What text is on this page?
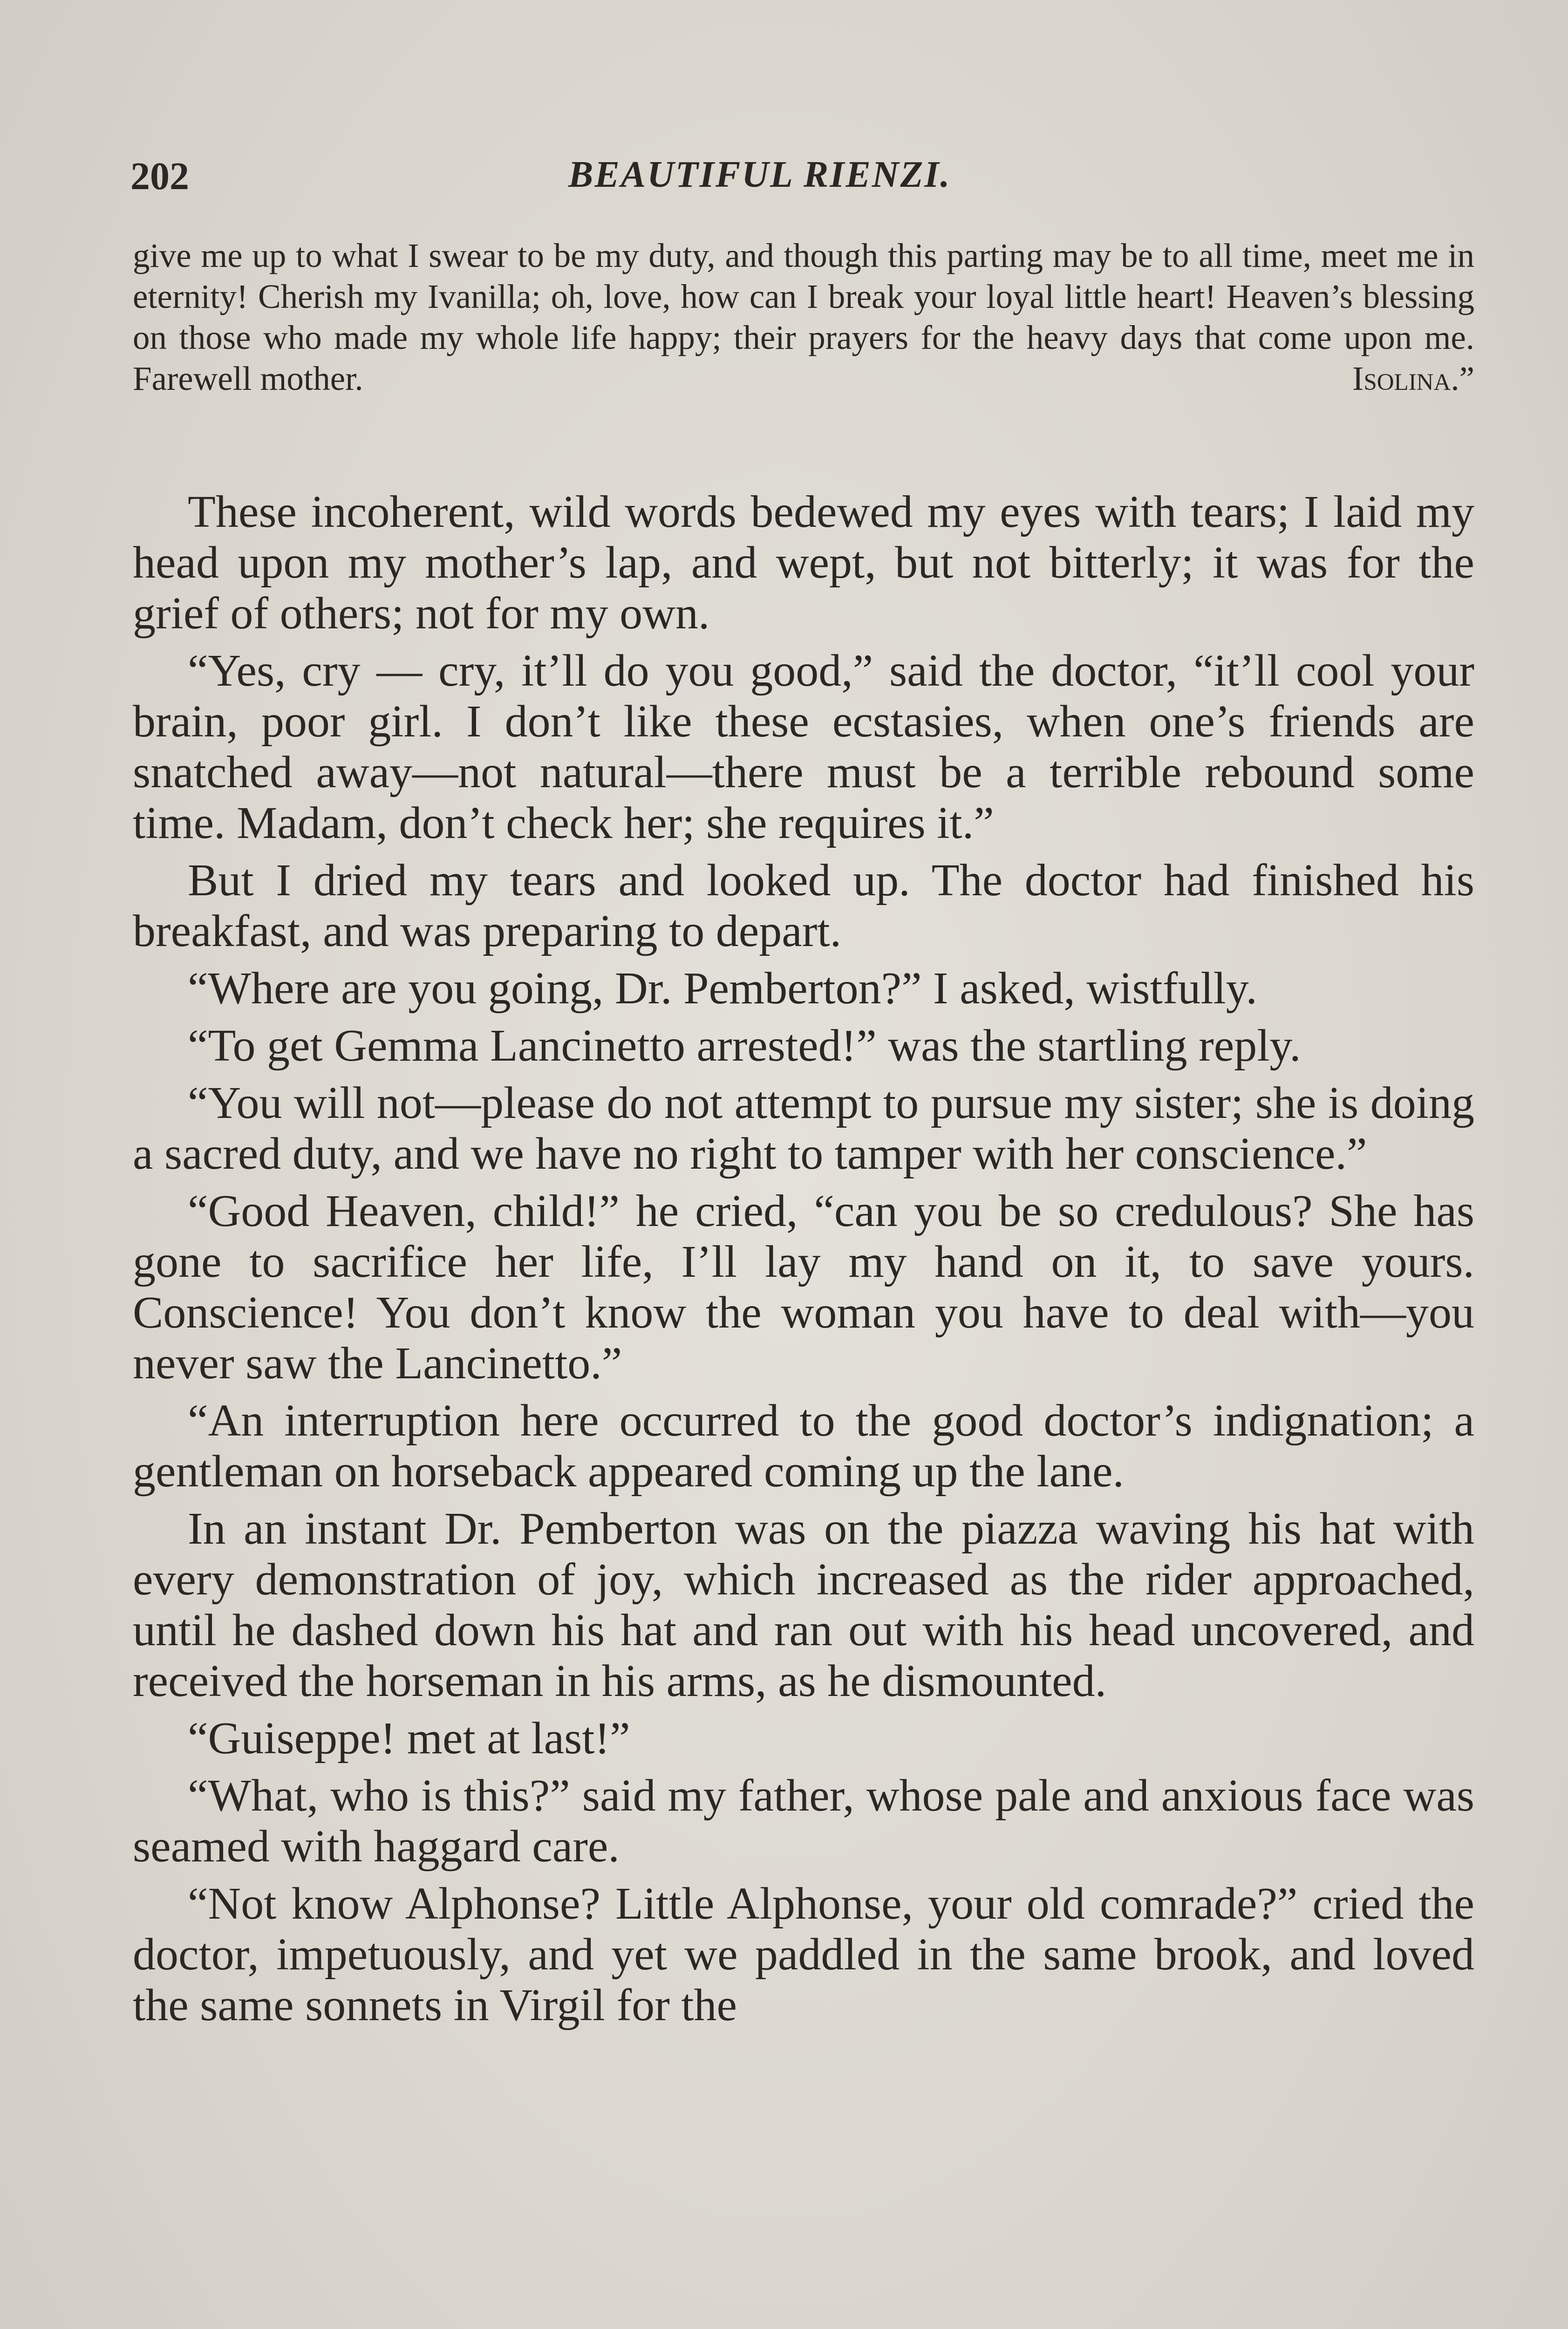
202	BEAUTIFUL RIENZI.
give me up to what I swear to be my duty, and though this parting may be to all time, meet me in eternity! Cherish my Ivanilla; oh, love, how can I break your loyal little heart! Heaven’s blessing on those who made my whole life happy; their prayers for the heavy days that come upon me. Farewell mother.	Isolina.”

These incoherent, wild words bedewed my eyes with tears; I laid my head upon my mother’s lap, and wept, but not bitterly; it was for the grief of others; not for my own.

“Yes, cry — cry, it’ll do you good,” said the doctor, “it’ll cool your brain, poor girl. I don’t like these ecstasies, when one’s friends are snatched away—not natural—there must be a terrible rebound some time. Madam, don’t check her; she requires it.”

But I dried my tears and looked up. The doctor had finished his breakfast, and was preparing to depart.

“Where are you going, Dr. Pemberton?” I asked, wistfully.

“To get Gemma Lancinetto arrested!” was the startling reply.

“You will not—please do not attempt to pursue my sister; she is doing a sacred duty, and we have no right to tamper with her conscience.”

“Good Heaven, child!” he cried, “can you be so credulous? She has gone to sacrifice her life, I’ll lay my hand on it, to save yours. Conscience! You don’t know the woman you have to deal with—you never saw the Lancinetto.”

“An interruption here occurred to the good doctor’s indignation; a gentleman on horseback appeared coming up the lane.

In an instant Dr. Pemberton was on the piazza waving his hat with every demonstration of joy, which increased as the rider approached, until he dashed down his hat and ran out with his head uncovered, and received the horseman in his arms, as he dismounted.

“Guiseppe! met at last!”

“What, who is this?” said my father, whose pale and anxious face was seamed with haggard care.

“Not know Alphonse? Little Alphonse, your old comrade?” cried the doctor, impetuously, and yet we paddled in the same brook, and loved the same sonnets in Virgil for the
